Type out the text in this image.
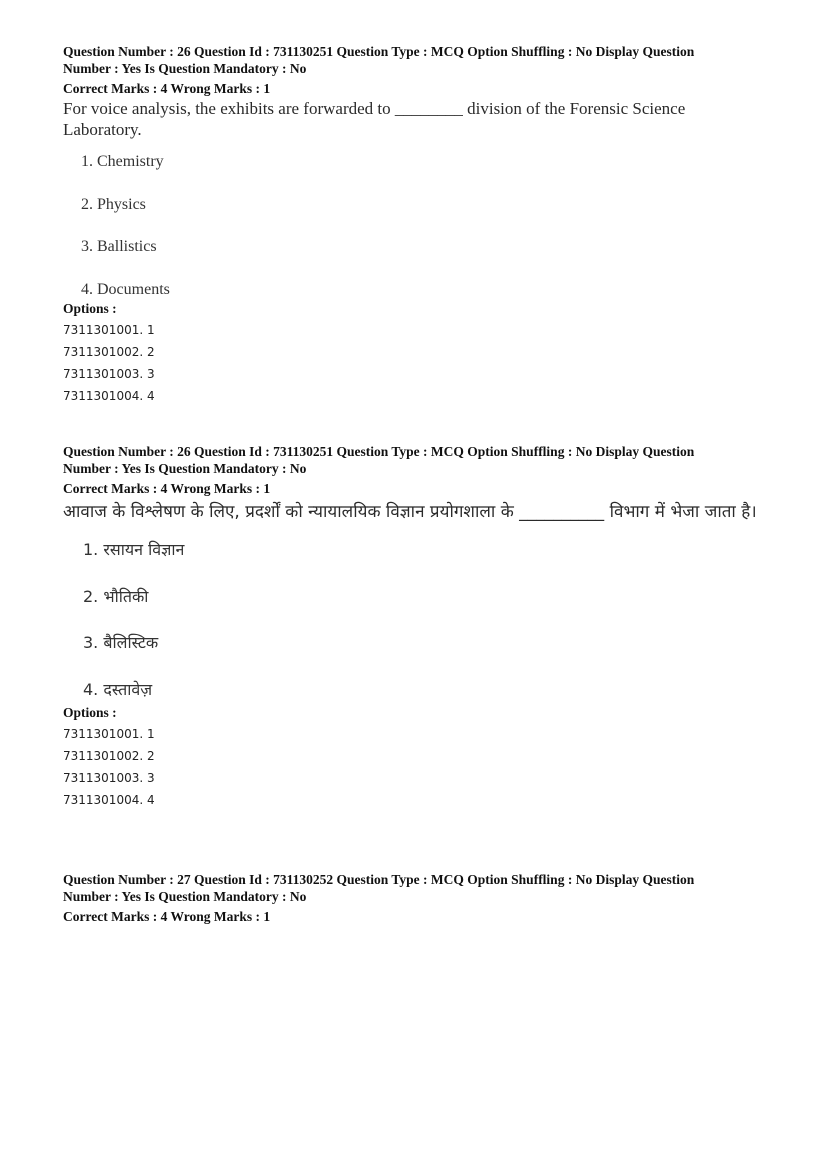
Question Number : 26 Question Id : 731130251 Question Type : MCQ Option Shuffling : No Display Question
Number : Yes Is Question Mandatory : No

Correct Marks : 4 Wrong Marks : 1

For voice analysis, the exhibits are forwarded to ________ division of the Forensic Science Laboratory.

1. Chemistry
2. Physics
3. Ballistics
4. Documents

Options :

7311301001. 1

7311301002. 2

7311301003. 3

7311301004. 4

Question Number : 26 Question Id : 731130251 Question Type : MCQ Option Shuffling : No Display Question
Number : Yes Is Question Mandatory : No

Correct Marks : 4 Wrong Marks : 1

आवाज के विश्लेषण के लिए, प्रदर्शों को न्यायालयिक विज्ञान प्रयोगशाला के __________ विभाग में भेजा जाता है।

1. रसायन विज्ञान
2. भौतिकी
3. बैलिस्टिक
4. दस्तावेज़

Options :

7311301001. 1

7311301002. 2

7311301003. 3

7311301004. 4

Question Number : 27 Question Id : 731130252 Question Type : MCQ Option Shuffling : No Display Question
Number : Yes Is Question Mandatory : No

Correct Marks : 4 Wrong Marks : 1
